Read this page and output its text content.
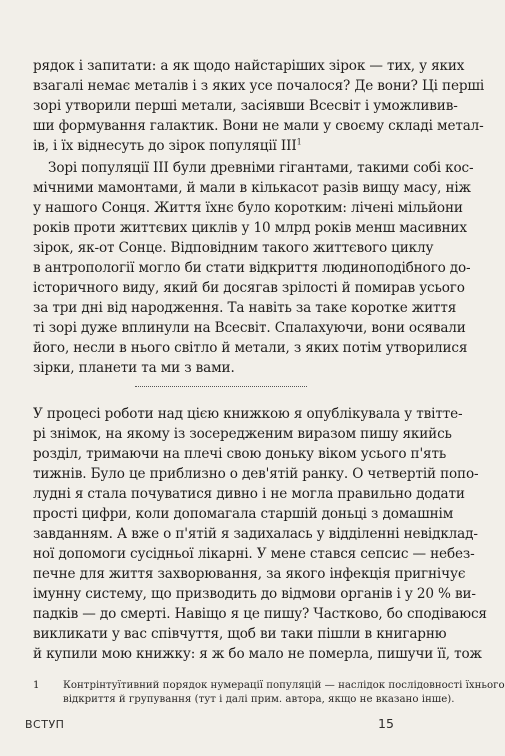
рядок і запитати: а як щодо найстаріших зірок — тих, у яких
взагалі немає металів і з яких усе почалося? Де вони? Ці перші
зорі утворили перші метали, засіявши Всесвіт і уможливив-
ши формування галактик. Вони не мали у своєму складі метал-
ів, і їх віднесуть до зірок популяції ІІІ$^1$
Зорі популяції ІІІ були древніми гігантами, такими собі кос-
мічними мамонтами, й мали в кількасот разів вищу масу, ніж
у нашого Сонця. Життя їхнє було коротким: лічені мільйони
років проти життєвих циклів у 10 млрд років менш масивних
зірок, як-от Сонце. Відповідним такого життєвого циклу
в антропології могло би стати відкриття людиноподібного до-
історичного виду, який би досягав зрілості й помирав усього
за три дні від народження. Та навіть за таке коротке життя
ті зорі дуже вплинули на Всесвіт. Спалахуючи, вони осявали
його, несли в нього світло й метали, з яких потім утворилися
зірки, планети та ми з вами.
У процесі роботи над цією книжкою я опублікувала у твітте-
рі знімок, на якому із зосередженим виразом пишу якийсь
розділ, тримаючи на плечі свою доньку віком усього п'ять
тижнів. Було це приблизно о дев'ятій ранку. О четвертій попо-
лудні я стала почуватися дивно і не могла правильно додати
прості цифри, коли допомагала старшій доньці з домашнім
завданням. А вже о п'ятій я задихалась у відділенні невідклад-
ної допомоги сусідньої лікарні. У мене стався сепсис — небез-
печне для життя захворювання, за якого інфекція пригнічує
імунну систему, що призводить до відмови органів і у 20 % ви-
падків — до смерті. Навіщо я це пишу? Частково, бо сподіваюся
викликати у вас співчуття, щоб ви таки пішли в книгарню
й купили мою книжку: я ж бо мало не померла, пишучи її, тож
1 Контрінтуїтивний порядок нумерації популяцій — наслідок послідовності їхнього
відкриття й групування (тут і далі прим. автора, якщо не вказано інше).
ВСТУП	15
